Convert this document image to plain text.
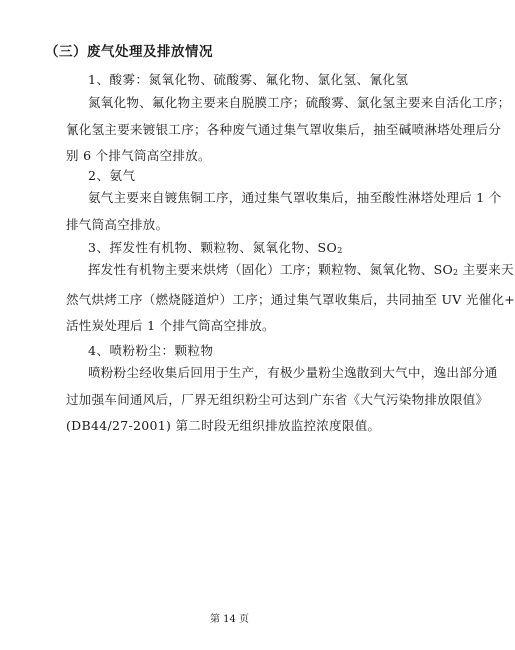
（三）废气处理及排放情况
1、酸雾：氮氧化物、硫酸雾、氟化物、氯化氢、氰化氢
氮氧化物、氟化物主要来自脱膜工序；硫酸雾、氯化氢主要来自活化工序；
氰化氢主要来镀银工序；各种废气通过集气罩收集后，抽至碱喷淋塔处理后分
别 6 个排气筒高空排放。
2、氨气
氨气主要来自镀焦铜工序，通过集气罩收集后，抽至酸性淋塔处理后 1 个
排气筒高空排放。
3、挥发性有机物、颗粒物、氮氧化物、$SO_2$
挥发性有机物主要来烘烤（固化）工序；颗粒物、氮氧化物、$SO_2$ 主要来天
然气烘烤工序（燃烧隧道炉）工序；通过集气罩收集后，共同抽至 UV 光催化+
活性炭处理后 1 个排气筒高空排放。
4、喷粉粉尘：颗粒物
喷粉粉尘经收集后回用于生产，有极少量粉尘逸散到大气中，逸出部分通
过加强车间通风后，厂界无组织粉尘可达到广东省《大气污染物排放限值》
(DB44/27-2001) 第二时段无组织排放监控浓度限值。
第 14 页
